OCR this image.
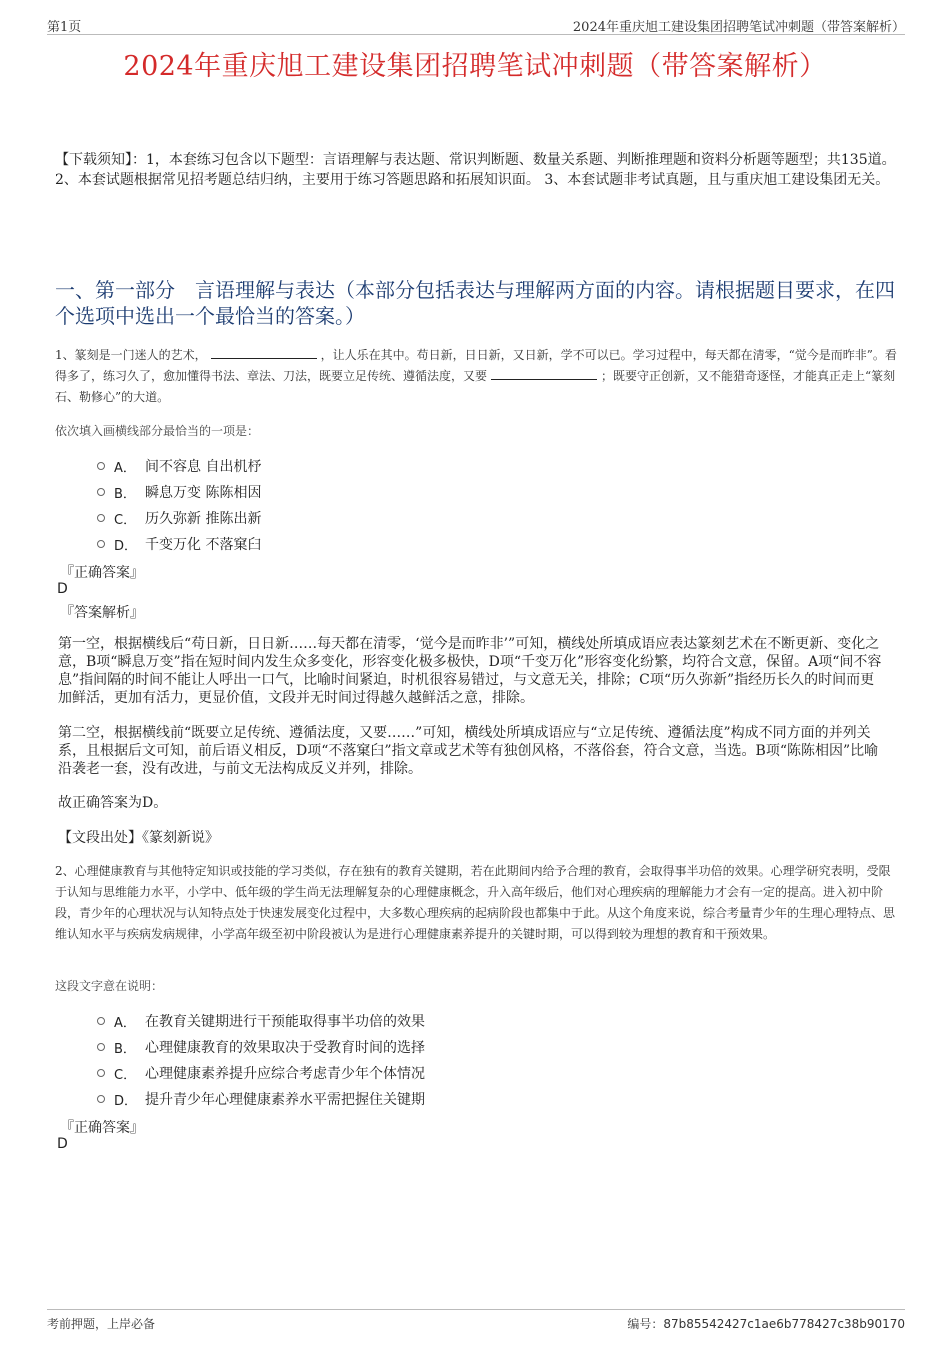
第1页	2024年重庆旭工建设集团招聘笔试冲刺题（带答案解析）
2024年重庆旭工建设集团招聘笔试冲刺题（带答案解析）
【下载须知】：1，本套练习包含以下题型：言语理解与表达题、常识判断题、数量关系题、判断推理题和资料分析题等题型；共135道。 2、本套试题根据常见招考题总结归纳，主要用于练习答题思路和拓展知识面。 3、本套试题非考试真题，且与重庆旭工建设集团无关。
一、第一部分　言语理解与表达（本部分包括表达与理解两方面的内容。请根据题目要求，在四个选项中选出一个最恰当的答案。）
1、篆刻是一门迷人的艺术，	，让人乐在其中。苟日新，日日新，又日新，学不可以已。学习过程中，每天都在清零，“觉今是而昨非”。看得多了，练习久了，愈加懂得书法、章法、刀法，既要立足传统、遵循法度，又要	；既要守正创新，又不能猎奇逐怪，才能真正走上“篆刻石、勒修心”的大道。
依次填入画横线部分最恰当的一项是：
A． 间不容息 自出机杼
B． 瞬息万变 陈陈相因
C． 历久弥新 推陈出新
D． 千变万化 不落窠臼
『正确答案』
D
『答案解析』
第一空，根据横线后“苟日新，日日新……每天都在清零，‘觉今是而昨非’”可知，横线处所填成语应表达篆刻艺术在不断更新、变化之意，B项“瞬息万变”指在短时间内发生众多变化，形容变化极多极快，D项“千变万化”形容变化纷繁，均符合文意，保留。A项“间不容息”指间隔的时间不能让人呼出一口气，比喻时间紧迫，时机很容易错过，与文意无关，排除；C项“历久弥新”指经历长久的时间而更加鲜活，更加有活力，更显价值，文段并无时间过得越久越鲜活之意，排除。
第二空，根据横线前“既要立足传统、遵循法度，又要……”可知，横线处所填成语应与“立足传统、遵循法度”构成不同方面的并列关系，且根据后文可知，前后语义相反，D项“不落窠臼”指文章或艺术等有独创风格，不落俗套，符合文意，当选。B项“陈陈相因”比喻沿袭老一套，没有改进，与前文无法构成反义并列，排除。
故正确答案为D。
【文段出处】《篆刻新说》
2、心理健康教育与其他特定知识或技能的学习类似，存在独有的教育关键期，若在此期间内给予合理的教育，会取得事半功倍的效果。心理学研究表明，受限于认知与思维能力水平，小学中、低年级的学生尚无法理解复杂的心理健康概念，升入高年级后，他们对心理疾病的理解能力才会有一定的提高。进入初中阶段，青少年的心理状况与认知特点处于快速发展变化过程中，大多数心理疾病的起病阶段也都集中于此。从这个角度来说，综合考量青少年的生理心理特点、思维认知水平与疾病发病规律，小学高年级至初中阶段被认为是进行心理健康素养提升的关键时期，可以得到较为理想的教育和干预效果。
这段文字意在说明：
A． 在教育关键期进行干预能取得事半功倍的效果
B． 心理健康教育的效果取决于受教育时间的选择
C． 心理健康素养提升应综合考虑青少年个体情况
D． 提升青少年心理健康素养水平需把握住关键期
『正确答案』
D
考前押题，上岸必备	编号：87b85542427c1ae6b778427c38b90170
